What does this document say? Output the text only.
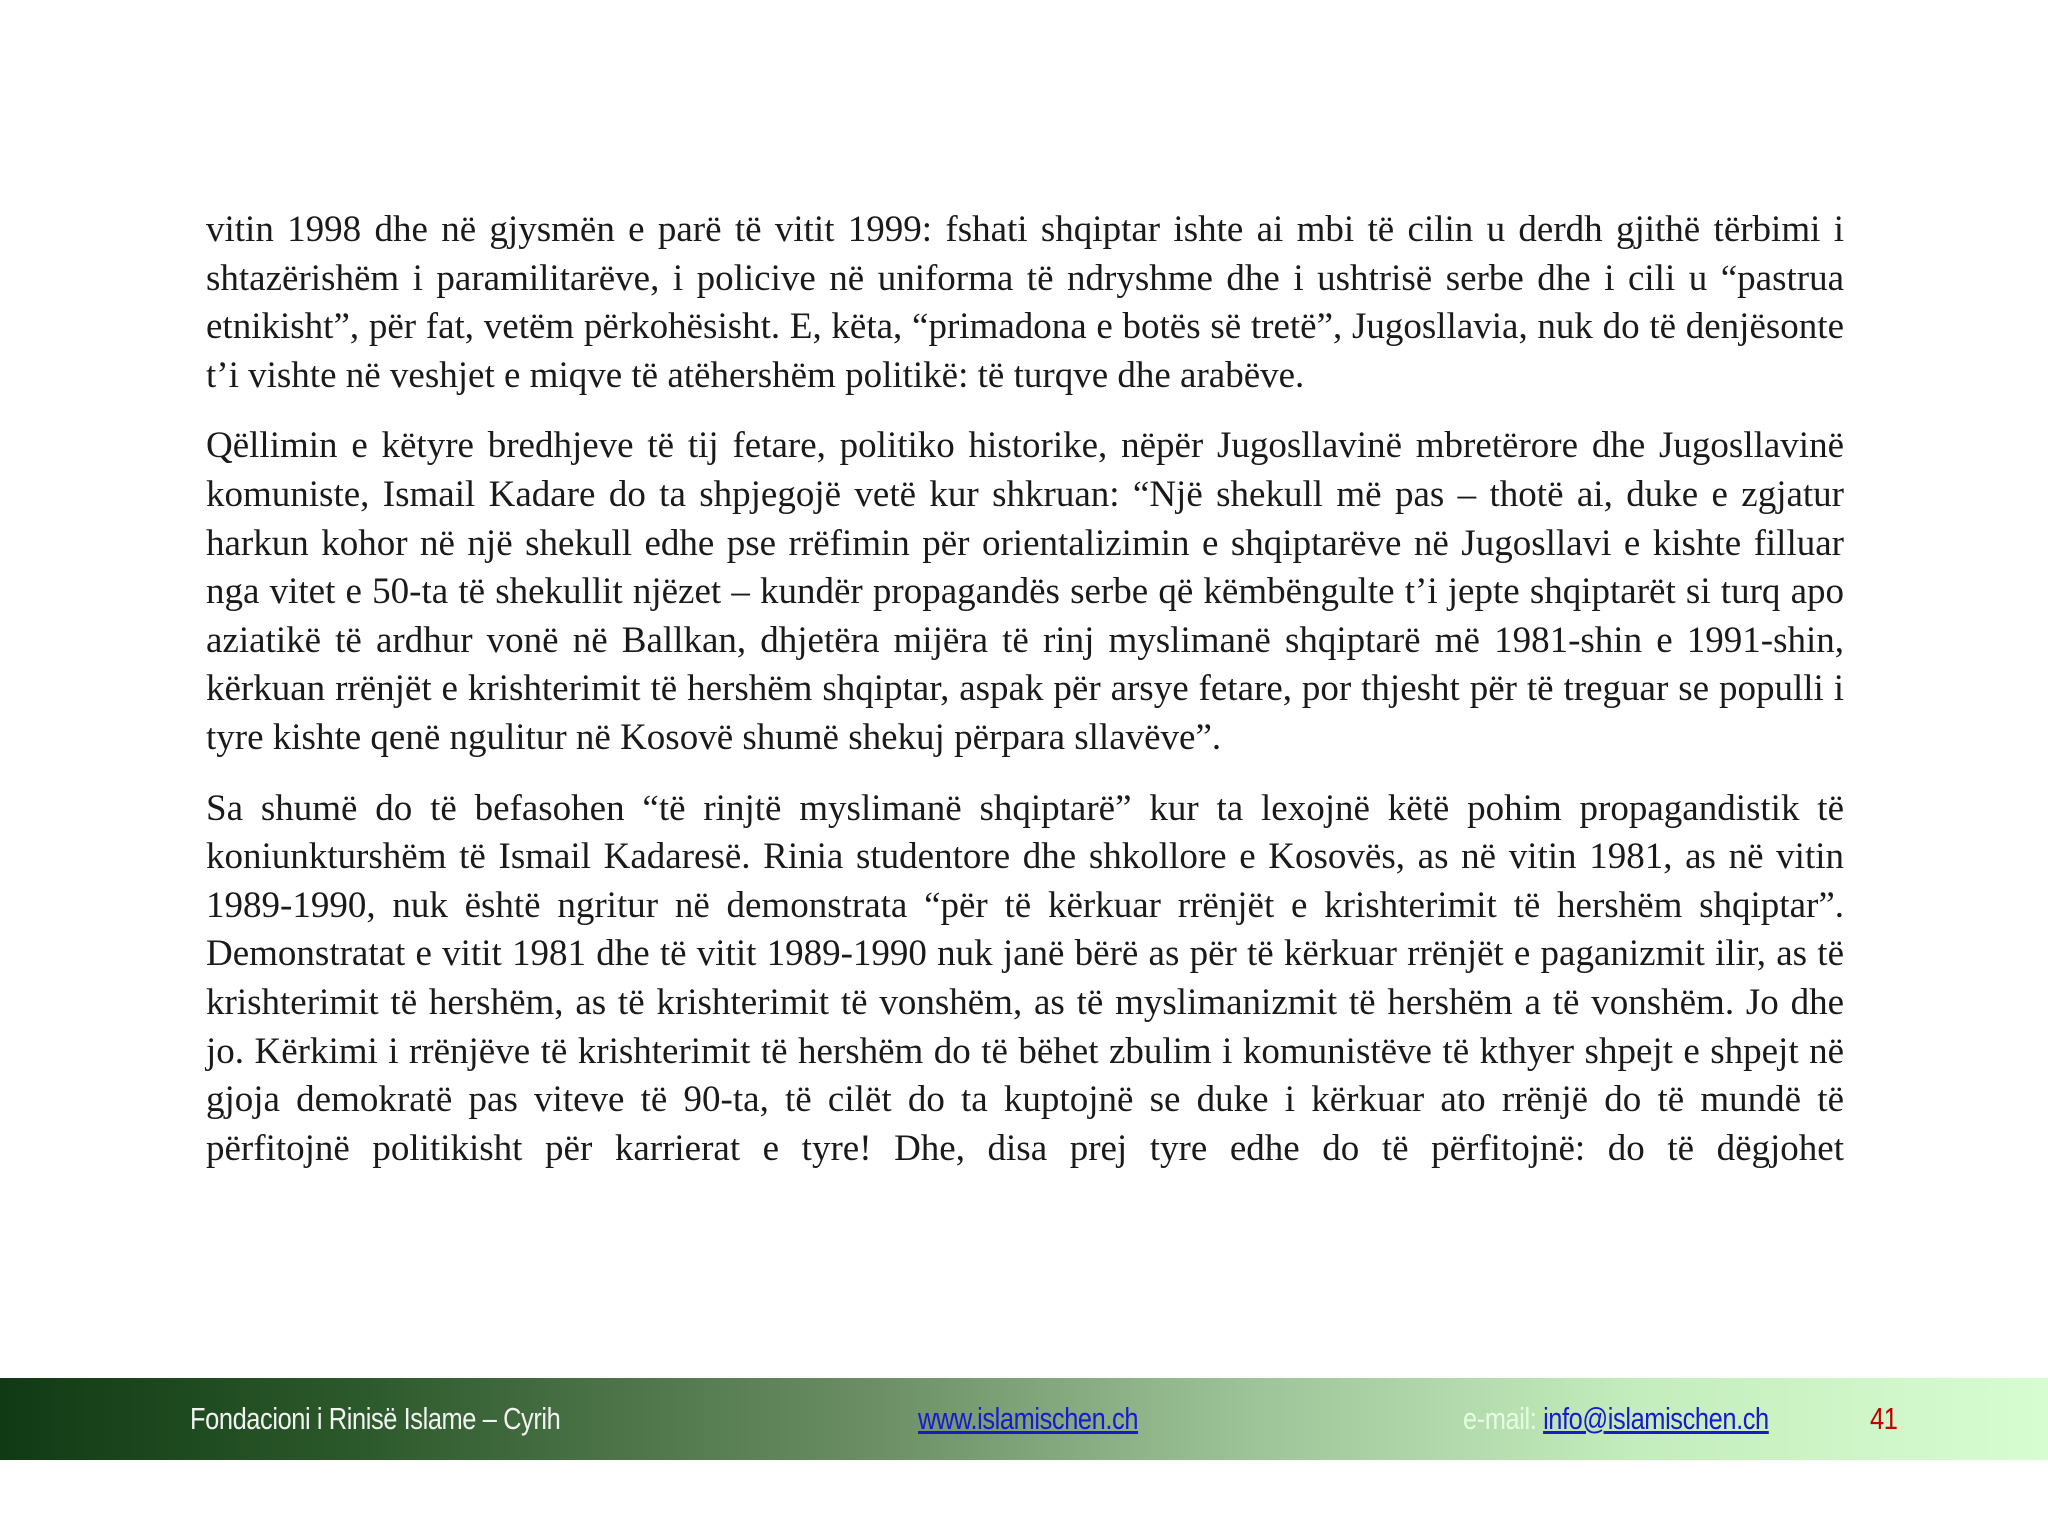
vitin 1998 dhe në gjysmën e parë të vitit 1999: fshati shqiptar ishte ai mbi të cilin u derdh gjithë tërbimi i shtazërishëm i paramilitarëve, i policive në uniforma të ndryshme dhe i ushtrisë serbe dhe i cili u “pastrua etnikisht”, për fat, vetëm përkohësisht. E, këta, “primadona e botës së tretë”, Jugosllavia, nuk do të denjësonte t’i vishte në veshjet e miqve të atëhershëm politikë: të turqve dhe arabëve.

Qëllimin e këtyre bredhjeve të tij fetare, politiko historike, nëpër Jugosllavinë mbretërore dhe Jugosllavinë komuniste, Ismail Kadare do ta shpjegojë vetë kur shkruan: “Një shekull më pas – thotë ai, duke e zgjatur harkun kohor në një shekull edhe pse rrëfimin për orientalizimin e shqiptarëve në Jugosllavi e kishte filluar nga vitet e 50-ta të shekullit njëzet – kundër propagandës serbe që këmbëngulte t’i jepte shqiptarët si turq apo aziatikë të ardhur vonë në Ballkan, dhjetëra mijëra të rinj myslimanë shqiptarë më 1981-shin e 1991-shin, kërkuan rrënjët e krishterimit të hershëm shqiptar, aspak për arsye fetare, por thjesht për të treguar se populli i tyre kishte qenë ngulitur në Kosovë shumë shekuj përpara sllavëve”.

Sa shumë do të befasohen “të rinjtë myslimanë shqiptarë” kur ta lexojnë këtë pohim propagandistik të koniunkturshëm të Ismail Kadaresë. Rinia studentore dhe shkollore e Kosovës, as në vitin 1981, as në vitin 1989-1990, nuk është ngritur në demonstrata “për të kërkuar rrënjët e krishterimit të hershëm shqiptar”. Demonstratat e vitit 1981 dhe të vitit 1989-1990 nuk janë bërë as për të kërkuar rrënjët e paganizmit ilir, as të krishterimit të hershëm, as të krishterimit të vonshëm, as të myslimanizmit të hershëm a të vonshëm. Jo dhe jo. Kërkimi i rrënjëve të krishterimit të hershëm do të bëhet zbulim i komunistëve të kthyer shpejt e shpejt në gjoja demokratë pas viteve të 90-ta, të cilët do ta kuptojnë se duke i kërkuar ato rrënjë do të mundë të përfitojnë politikisht për karrierat e tyre! Dhe, disa prej tyre edhe do të përfitojnë: do të dëgjohet

Fondacioni i Rinisë Islame – Cyrih	www.islamischen.ch	e-mail: info@islamischen.ch	41
